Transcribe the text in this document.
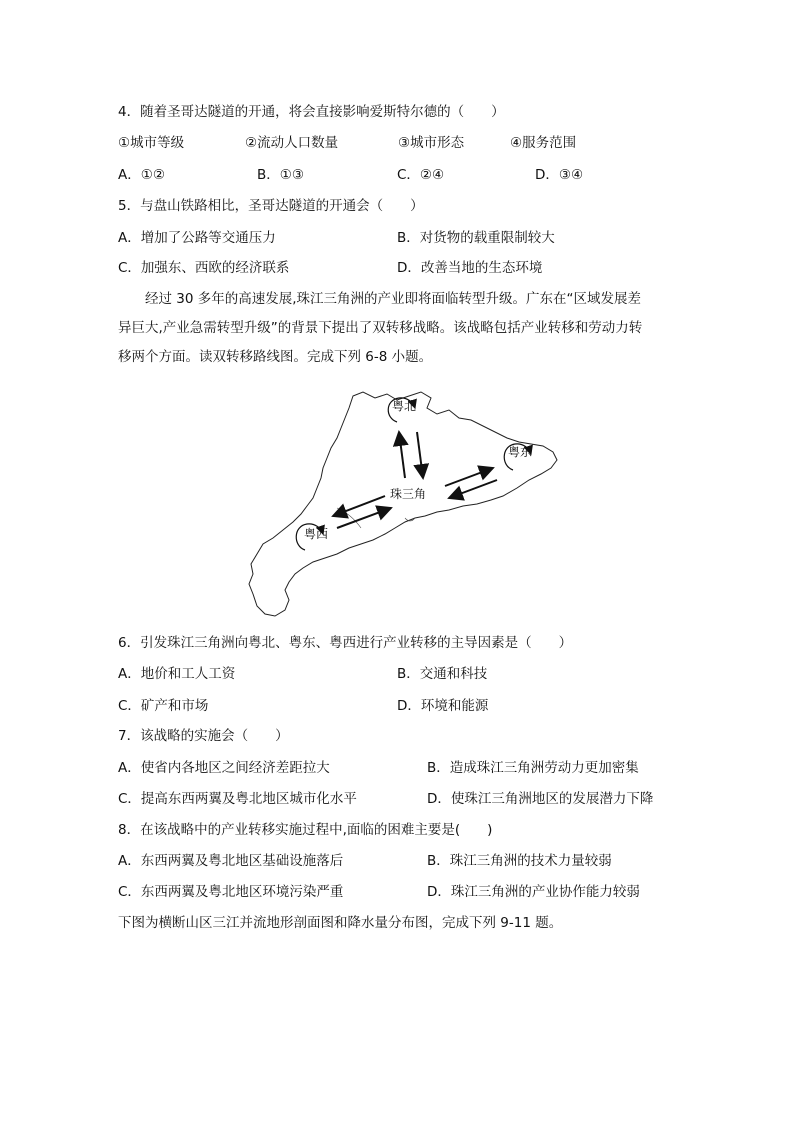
4．随着圣哥达隧道的开通，将会直接影响爱斯特尔德的（　　）
①城市等级	②流动人口数量	③城市形态	④服务范围
A．①②	B．①③	C．②④	D．③④
5．与盘山铁路相比，圣哥达隧道的开通会（　　）
A．增加了公路等交通压力	B．对货物的载重限制较大
C．加强东、西欧的经济联系	D．改善当地的生态环境
　　经过 30 多年的高速发展,珠江三角洲的产业即将面临转型升级。广东在“区域发展差
异巨大,产业急需转型升级”的背景下提出了双转移战略。该战略包括产业转移和劳动力转
移两个方面。读双转移路线图。完成下列 6-8 小题。
粤北
粤东
粤西
珠三角
6．引发珠江三角洲向粤北、粤东、粤西进行产业转移的主导因素是（　　）
A．地价和工人工资	B．交通和科技
C．矿产和市场	D．环境和能源
7．该战略的实施会（　　）
A．使省内各地区之间经济差距拉大	B．造成珠江三角洲劳动力更加密集
C．提高东西两翼及粤北地区城市化水平	D．使珠江三角洲地区的发展潜力下降
8．在该战略中的产业转移实施过程中,面临的困难主要是(　　)
A．东西两翼及粤北地区基础设施落后	B．珠江三角洲的技术力量较弱
C．东西两翼及粤北地区环境污染严重	D．珠江三角洲的产业协作能力较弱
下图为横断山区三江并流地形剖面图和降水量分布图，完成下列 9-11 题。
